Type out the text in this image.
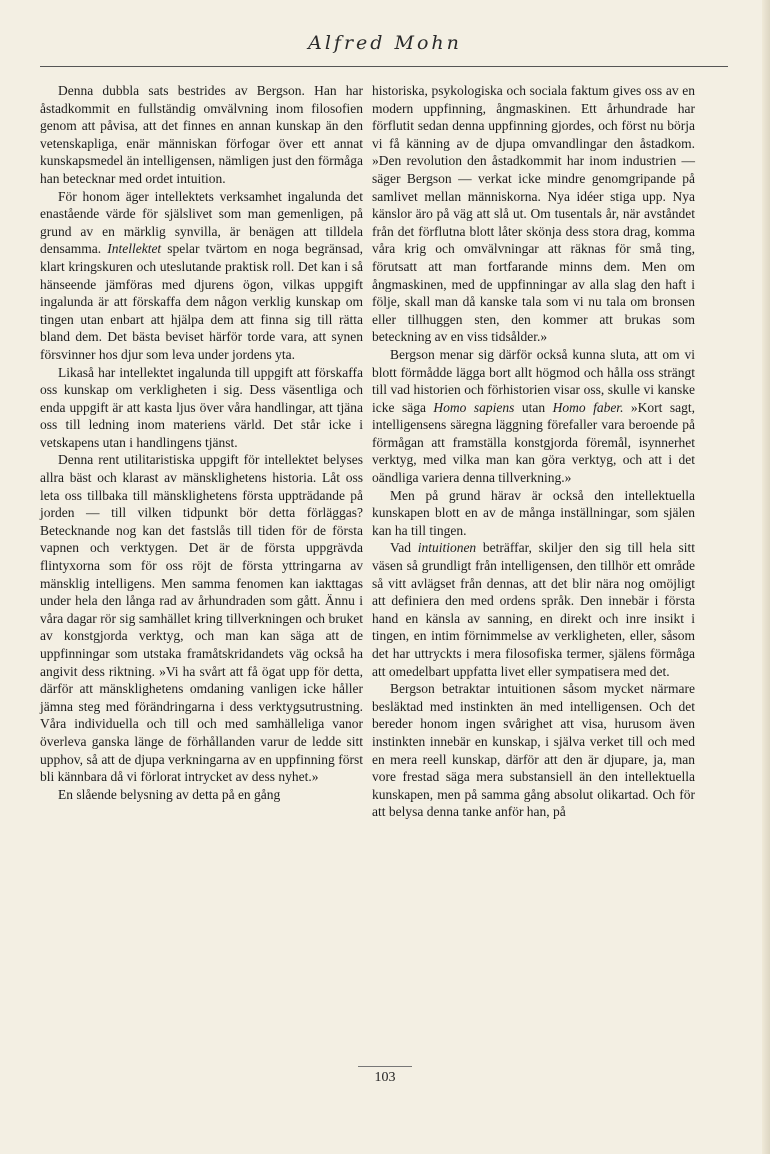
Alfred Mohn

Denna dubbla sats bestrides av Bergson. Han har åstadkommit en fullständig omvälvning inom filosofien genom att påvisa, att det finnes en annan kunskap än den vetenskapliga, enär människan förfogar över ett annat kunskapsmedel än intelligensen, nämligen just den förmåga han betecknar med ordet intuition.

För honom äger intellektets verksamhet ingalunda det enastående värde för själslivet som man gemenligen, på grund av en märklig synvilla, är benägen att tilldela densamma. Intellektet spelar tvärtom en noga begränsad, klart kringskuren och uteslutande praktisk roll. Det kan i så hänseende jämföras med djurens ögon, vilkas uppgift ingalunda är att förskaffa dem någon verklig kunskap om tingen utan enbart att hjälpa dem att finna sig till rätta bland dem. Det bästa beviset härför torde vara, att synen försvinner hos djur som leva under jordens yta.

Likaså har intellektet ingalunda till uppgift att förskaffa oss kunskap om verkligheten i sig. Dess väsentliga och enda uppgift är att kasta ljus över våra handlingar, att tjäna oss till ledning inom materiens värld. Det står icke i vetskapens utan i handlingens tjänst.

Denna rent utilitaristiska uppgift för intellektet belyses allra bäst och klarast av mänsklighetens historia. Låt oss leta oss tillbaka till mänsklighetens första uppträdande på jorden — till vilken tidpunkt bör detta förläggas? Betecknande nog kan det fastslås till tiden för de första vapnen och verktygen. Det är de första uppgrävda flintyxorna som för oss röjt de första yttringarna av mänsklig intelligens. Men samma fenomen kan iakttagas under hela den långa rad av århundraden som gått. Ännu i våra dagar rör sig samhället kring tillverkningen och bruket av konstgjorda verktyg, och man kan säga att de uppfinningar som utstaka framåtskridandets väg också ha angivit dess riktning. »Vi ha svårt att få ögat upp för detta, därför att mänsklighetens omdaning vanligen icke håller jämna steg med förändringarna i dess verktygsutrustning. Våra individuella och till och med samhälleliga vanor överleva ganska länge de förhållanden varur de ledde sitt upphov, så att de djupa verkningarna av en uppfinning först bli kännbara då vi förlorat intrycket av dess nyhet.»

En slående belysning av detta på en gång

historiska, psykologiska och sociala faktum gives oss av en modern uppfinning, ångmaskinen. Ett århundrade har förflutit sedan denna uppfinning gjordes, och först nu börja vi få känning av de djupa omvandlingar den åstadkom. »Den revolution den åstadkommit har inom industrien — säger Bergson — verkat icke mindre genomgripande på samlivet mellan människorna. Nya idéer stiga upp. Nya känslor äro på väg att slå ut. Om tusentals år, när avståndet från det förflutna blott låter skönja dess stora drag, komma våra krig och omvälvningar att räknas för små ting, förutsatt att man fortfarande minns dem. Men om ångmaskinen, med de uppfinningar av alla slag den haft i följe, skall man då kanske tala som vi nu tala om bronsen eller tillhuggen sten, den kommer att brukas som beteckning av en viss tidsålder.»

Bergson menar sig därför också kunna sluta, att om vi blott förmådde lägga bort allt högmod och hålla oss strängt till vad historien och förhistorien visar oss, skulle vi kanske icke säga Homo sapiens utan Homo faber. »Kort sagt, intelligensens säregna läggning förefaller vara beroende på förmågan att framställa konstgjorda föremål, isynnerhet verktyg, med vilka man kan göra verktyg, och att i det oändliga variera denna tillverkning.»

Men på grund härav är också den intellektuella kunskapen blott en av de många inställningar, som själen kan ha till tingen.

Vad intuitionen beträffar, skiljer den sig till hela sitt väsen så grundligt från intelligensen, den tillhör ett område så vitt avlägset från dennas, att det blir nära nog omöjligt att definiera den med ordens språk. Den innebär i första hand en känsla av sanning, en direkt och inre insikt i tingen, en intim förnimmelse av verkligheten, eller, såsom det har uttryckts i mera filosofiska termer, själens förmåga att omedelbart uppfatta livet eller sympatisera med det.

Bergson betraktar intuitionen såsom mycket närmare besläktad med instinkten än med intelligensen. Och det bereder honom ingen svårighet att visa, hurusom även instinkten innebär en kunskap, i själva verket till och med en mera reell kunskap, därför att den är djupare, ja, man vore frestad säga mera substansiell än den intellektuella kunskapen, men på samma gång absolut olikartad. Och för att belysa denna tanke anför han, på

103
